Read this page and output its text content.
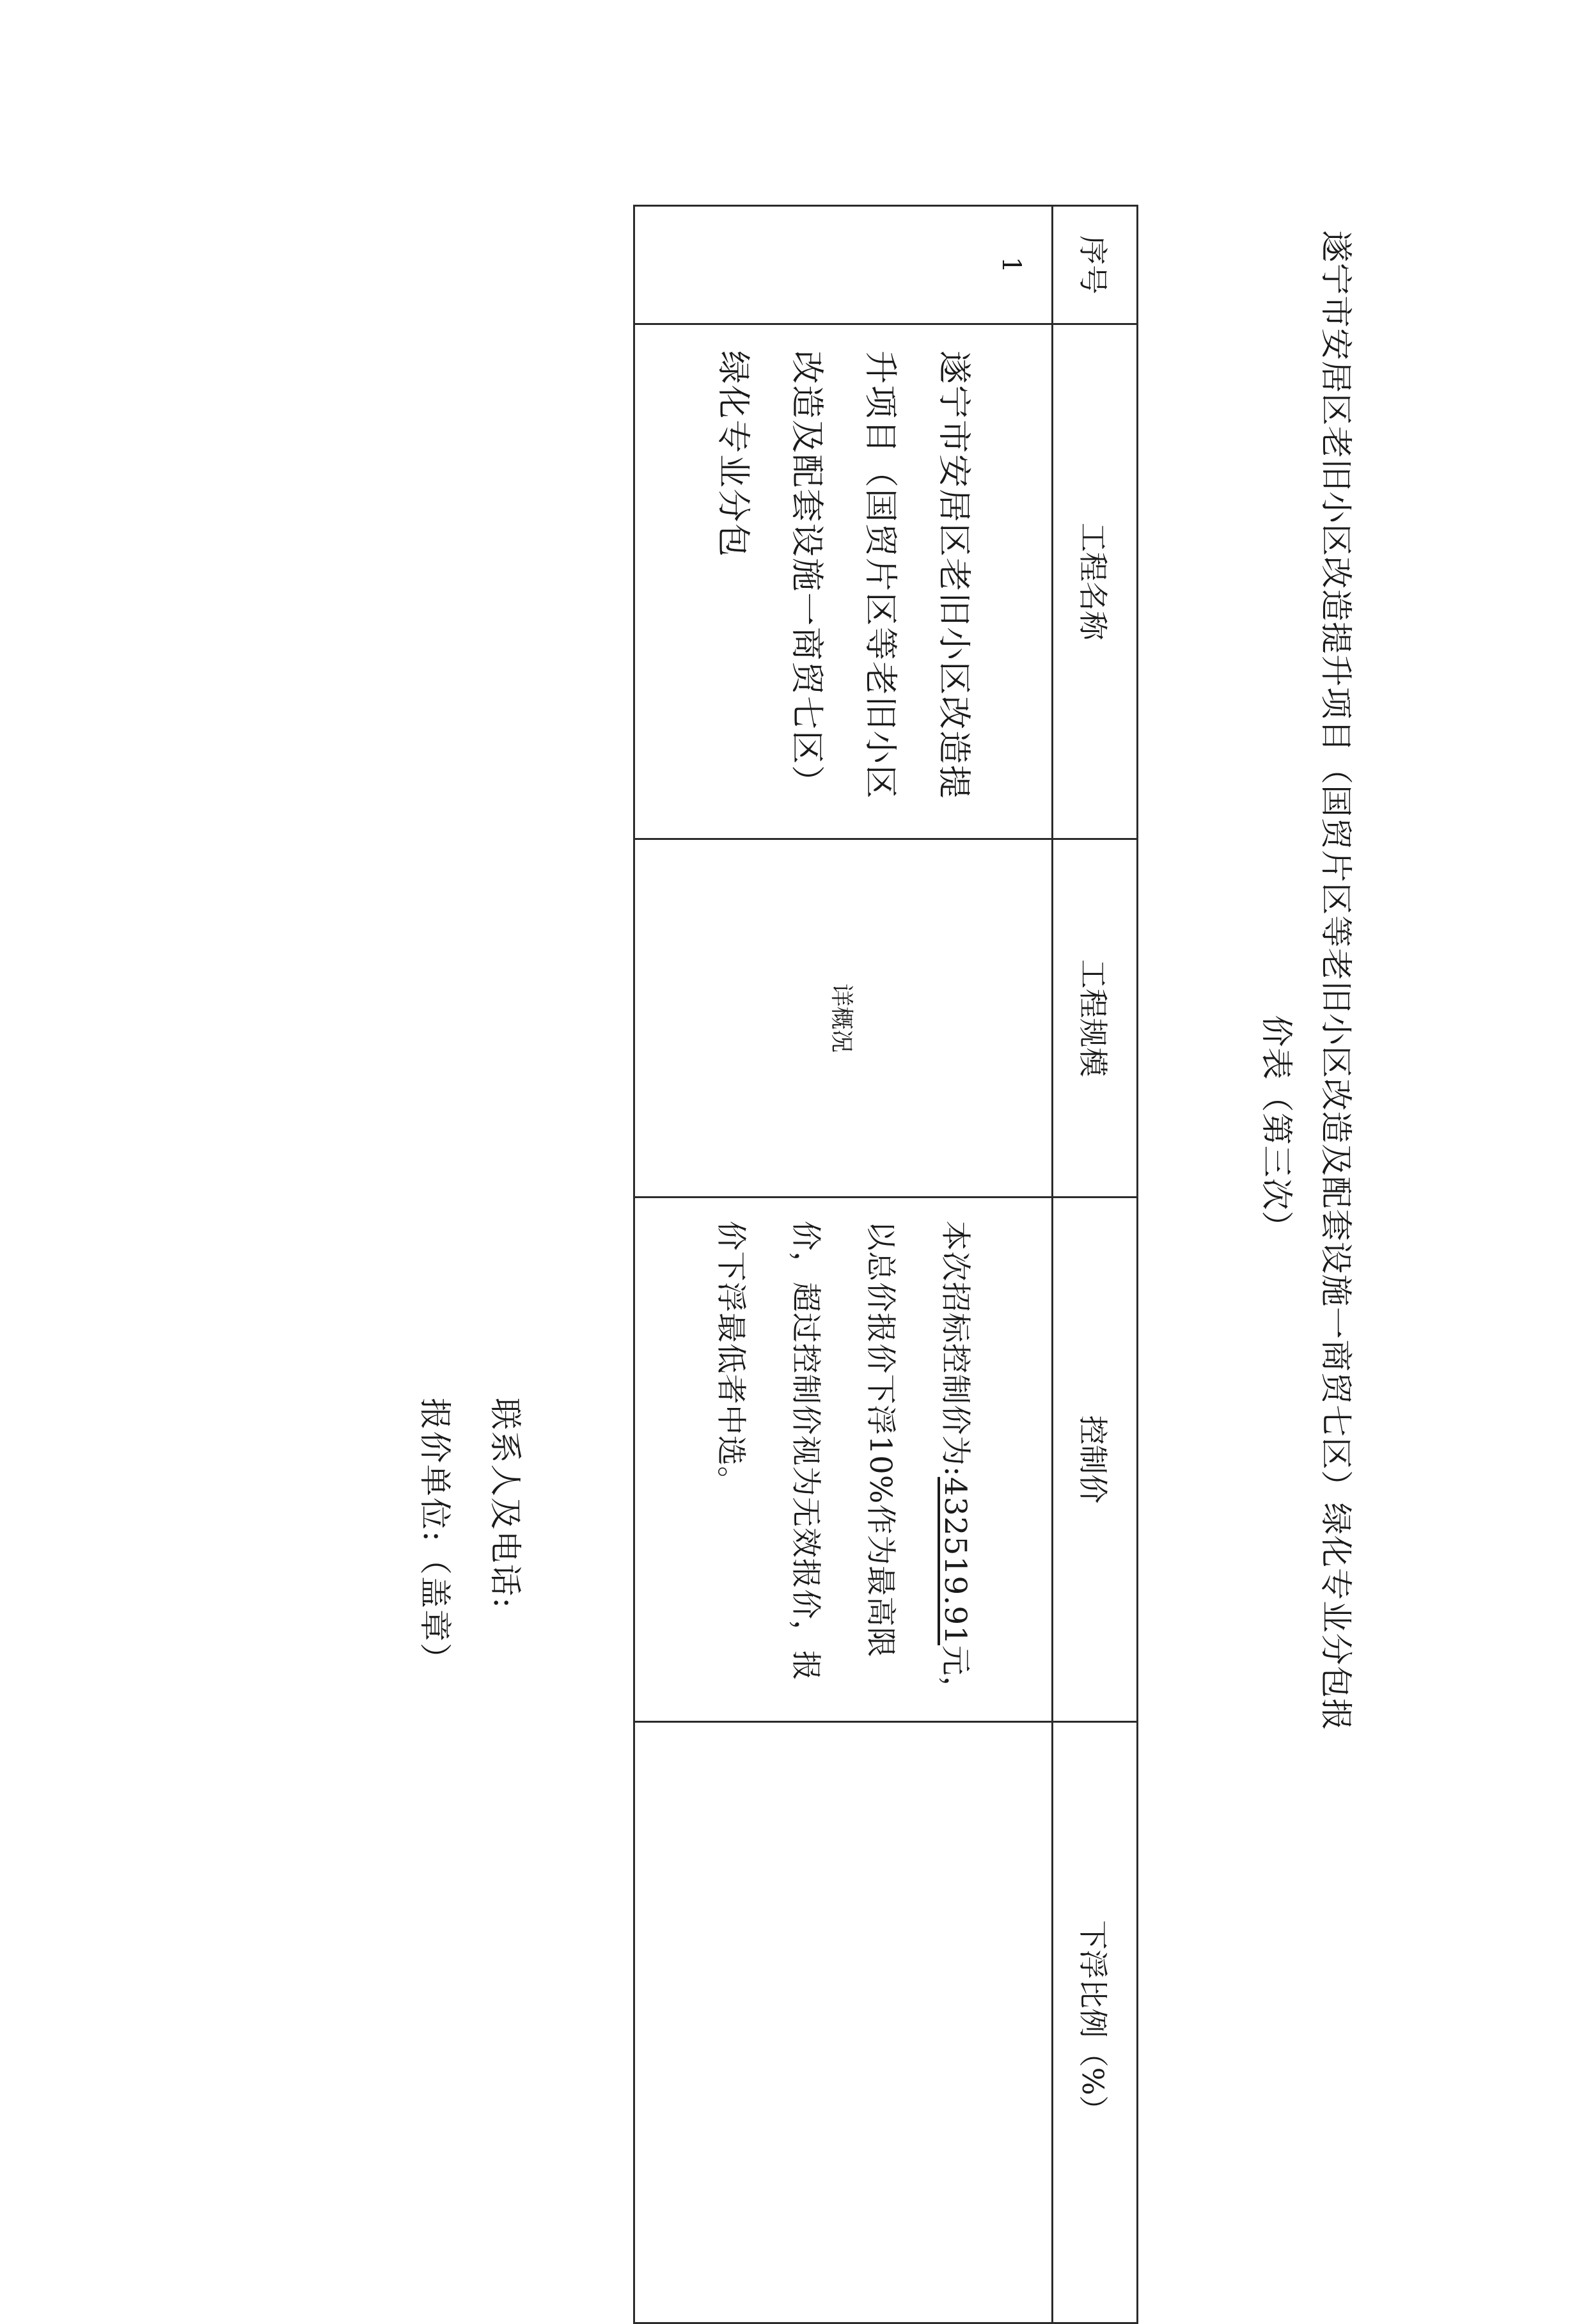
遂宁市安居区老旧小区改造提升项目（国贸片区等老旧小区改造及配套设施一商贸七区）绿化专业分包报
价表（第三次）
序号	工程名称	工程规模	控制价	下浮比例（%）
1	遂宁市安居区老旧小区改造提升项目（国贸片区等老旧小区改造及配套设施一商贸七区）绿化专业分包	详概况	本次招标控制价为:432519.91元，以总价报价下浮10%作为最高限价，超过控制价视为无效报价，报价下浮最低者中选。	
联系人及电话:
报价单位:（盖章）
